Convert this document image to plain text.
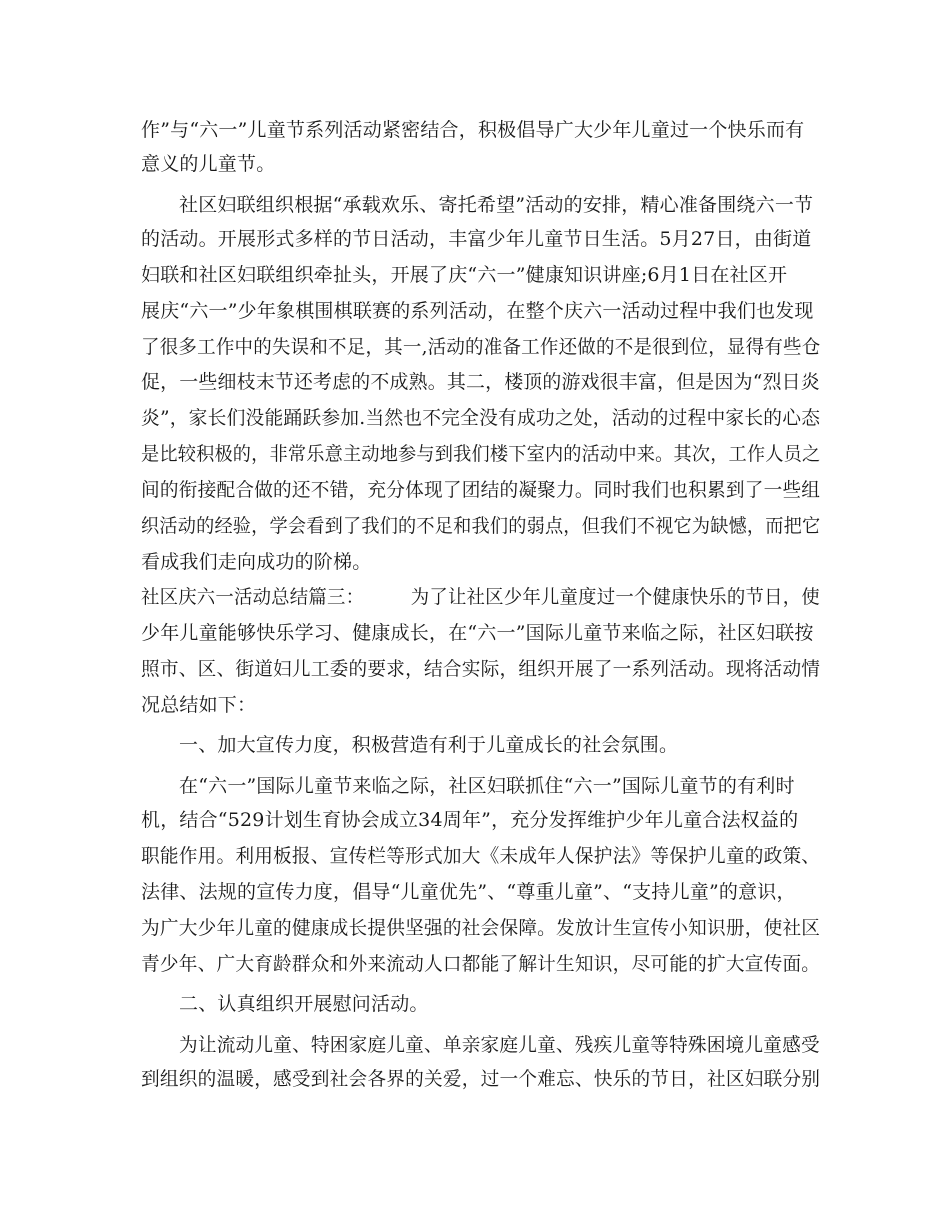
作”与“六一”儿童节系列活动紧密结合，积极倡导广大少年儿童过一个快乐而有
意义的儿童节。
社区妇联组织根据“承载欢乐、寄托希望”活动的安排，精心准备围绕六一节
的活动。开展形式多样的节日活动，丰富少年儿童节日生活。5月27日，由街道
妇联和社区妇联组织牵扯头，开展了庆“六一”健康知识讲座;6月1日在社区开
展庆“六一”少年象棋围棋联赛的系列活动，在整个庆六一活动过程中我们也发现
了很多工作中的失误和不足，其一,活动的准备工作还做的不是很到位，显得有些仓
促，一些细枝末节还考虑的不成熟。其二，楼顶的游戏很丰富，但是因为“烈日炎
炎”，家长们没能踊跃参加.当然也不完全没有成功之处，活动的过程中家长的心态
是比较积极的，非常乐意主动地参与到我们楼下室内的活动中来。其次，工作人员之
间的衔接配合做的还不错，充分体现了团结的凝聚力。同时我们也积累到了一些组
织活动的经验，学会看到了我们的不足和我们的弱点，但我们不视它为缺憾，而把它
看成我们走向成功的阶梯。
社区庆六一活动总结篇三：　　　为了让社区少年儿童度过一个健康快乐的节日，使
少年儿童能够快乐学习、健康成长，在“六一”国际儿童节来临之际，社区妇联按
照市、区、街道妇儿工委的要求，结合实际，组织开展了一系列活动。现将活动情
况总结如下：
一、加大宣传力度，积极营造有利于儿童成长的社会氛围。
在“六一”国际儿童节来临之际，社区妇联抓住“六一”国际儿童节的有利时
机，结合“529计划生育协会成立34周年”，充分发挥维护少年儿童合法权益的
职能作用。利用板报、宣传栏等形式加大《未成年人保护法》等保护儿童的政策、
法律、法规的宣传力度，倡导“儿童优先”、“尊重儿童”、“支持儿童”的意识，
为广大少年儿童的健康成长提供坚强的社会保障。发放计生宣传小知识册，使社区
青少年、广大育龄群众和外来流动人口都能了解计生知识，尽可能的扩大宣传面。
二、认真组织开展慰问活动。
为让流动儿童、特困家庭儿童、单亲家庭儿童、残疾儿童等特殊困境儿童感受
到组织的温暖，感受到社会各界的关爱，过一个难忘、快乐的节日，社区妇联分别
